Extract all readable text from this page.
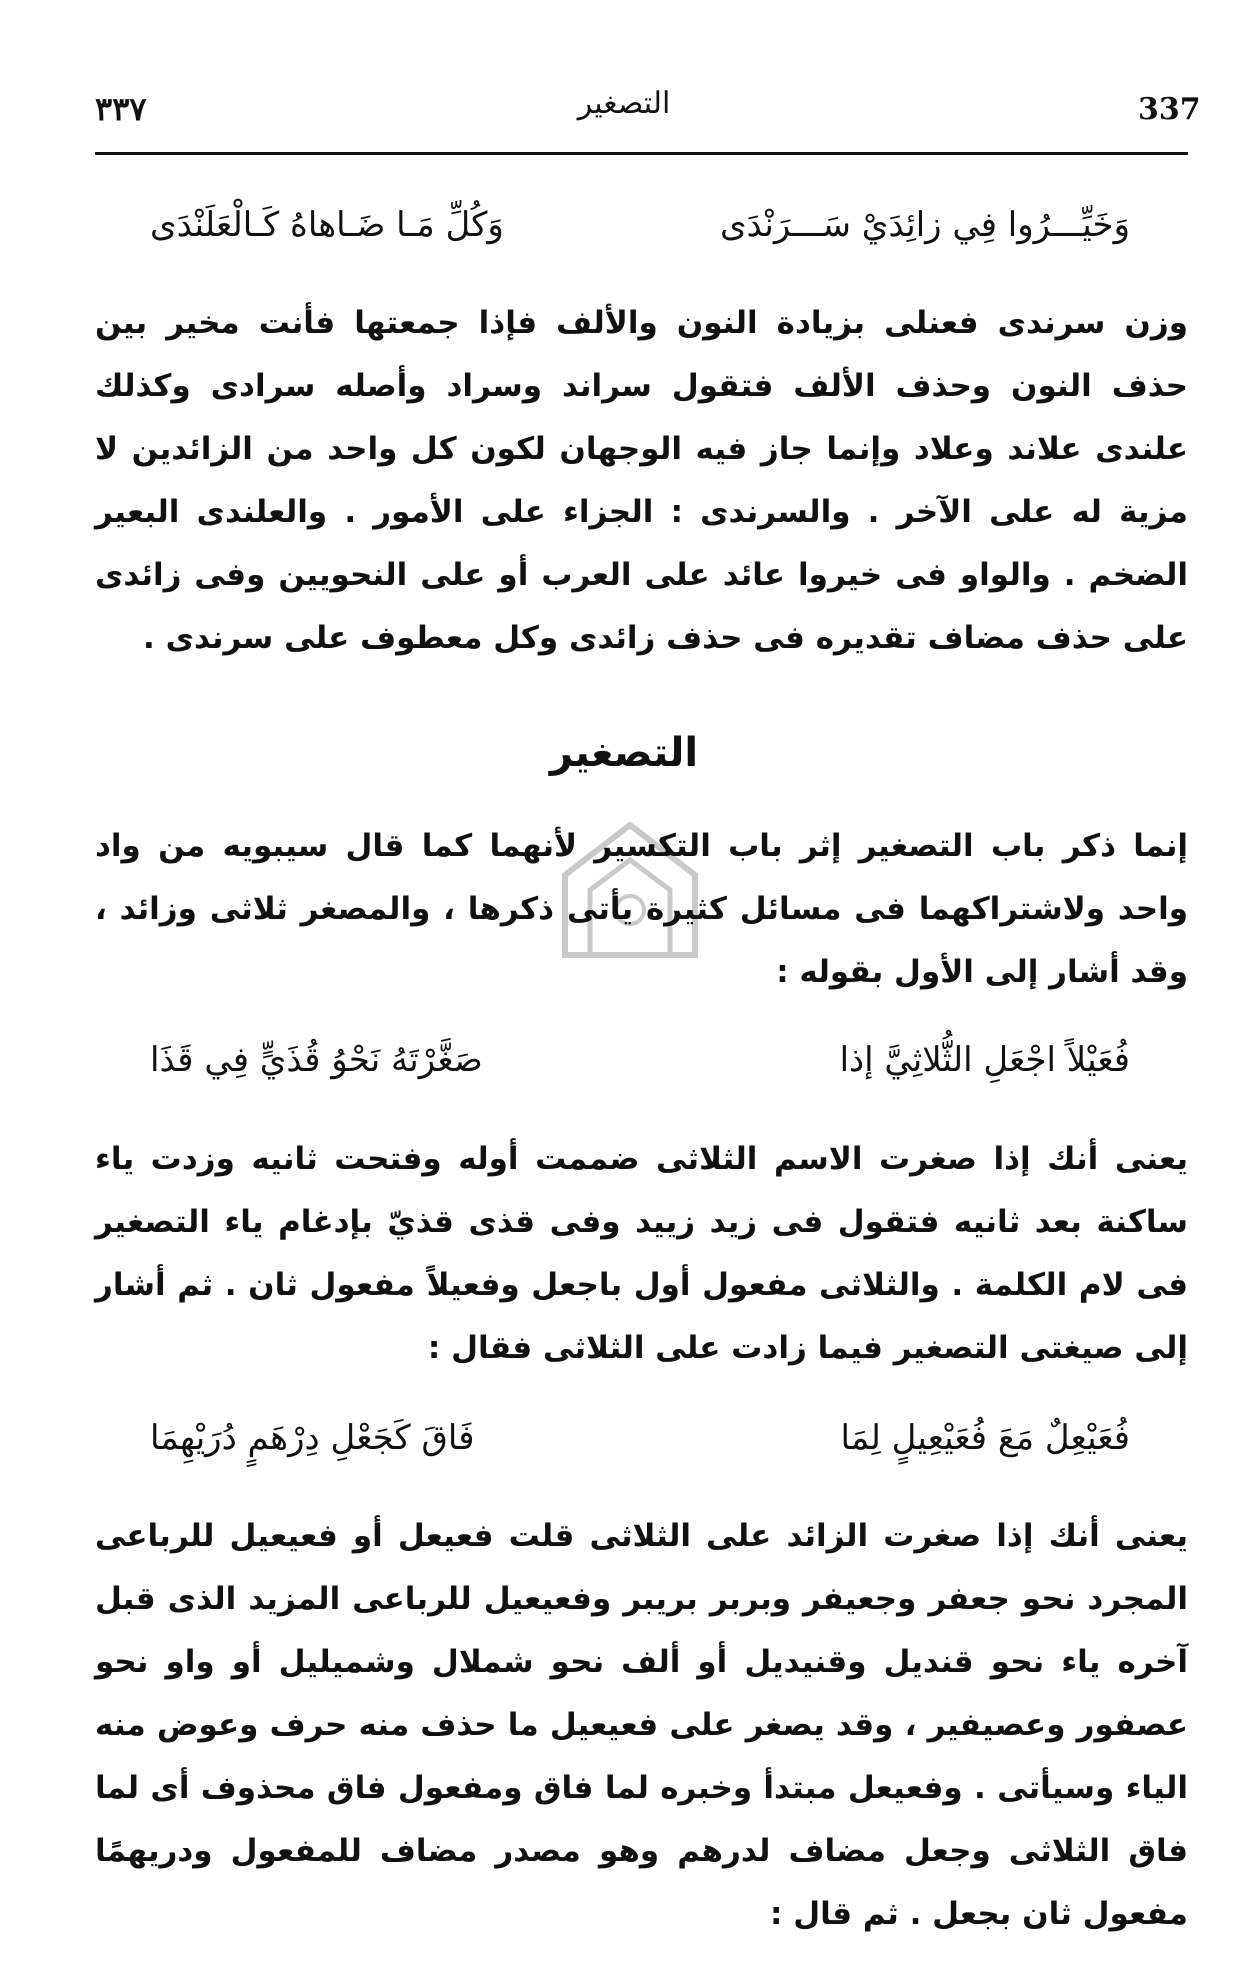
337
٣٣٧	التصغير
وَخَيِّـــرُوا فِي زائِدَيْ سَـــرَنْدَى
وَكُلِّ مَـا ضَـاهاهُ كَـالْعَلَنْدَى
وزن سرندى فعنلى بزيادة النون والألف فإذا جمعتها فأنت مخير بين حذف النون وحذف الألف فتقول سراند وسراد وأصله سرادى وكذلك علندى علاند وعلاد وإنما جاز فيه الوجهان لكون كل واحد من الزائدين لا مزية له على الآخر . والسرندى : الجزاء على الأمور . والعلندى البعير الضخم . والواو فى خيروا عائد على العرب أو على النحويين وفى زائدى على حذف مضاف تقديره فى حذف زائدى وكل معطوف على سرندى .
التصغير
إنما ذكر باب التصغير إثر باب التكسير لأنهما كما قال سيبويه من واد واحد ولاشتراكهما فى مسائل كثيرة يأتى ذكرها ، والمصغر ثلاثى وزائد ، وقد أشار إلى الأول بقوله :
فُعَيْلاً اجْعَلِ الثُّلاثِيَّ إذا
صَغَّرْتَهُ نَحْوُ قُذَيٍّ فِي قَذَا
يعنى أنك إذا صغرت الاسم الثلاثى ضممت أوله وفتحت ثانيه وزدت ياء ساكنة بعد ثانيه فتقول فى زيد زييد وفى قذى قذيّ بإدغام ياء التصغير فى لام الكلمة . والثلاثى مفعول أول باجعل وفعيلاً مفعول ثان . ثم أشار إلى صيغتى التصغير فيما زادت على الثلاثى فقال :
فُعَيْعِلٌ مَعَ فُعَيْعِيلٍ لِمَا
فَاقَ كَجَعْلِ دِرْهَمٍ دُرَيْهِمَا
يعنى أنك إذا صغرت الزائد على الثلاثى قلت فعيعل أو فعيعيل للرباعى المجرد نحو جعفر وجعيفر وبربر بريبر وفعيعيل للرباعى المزيد الذى قبل آخره ياء نحو قنديل وقنيديل أو ألف نحو شملال وشميليل أو واو نحو عصفور وعصيفير ، وقد يصغر على فعيعيل ما حذف منه حرف وعوض منه الياء وسيأتى . وفعيعل مبتدأ وخبره لما فاق ومفعول فاق محذوف أى لما فاق الثلاثى وجعل مضاف لدرهم وهو مصدر مضاف للمفعول ودريهمًا مفعول ثان بجعل . ثم قال :
